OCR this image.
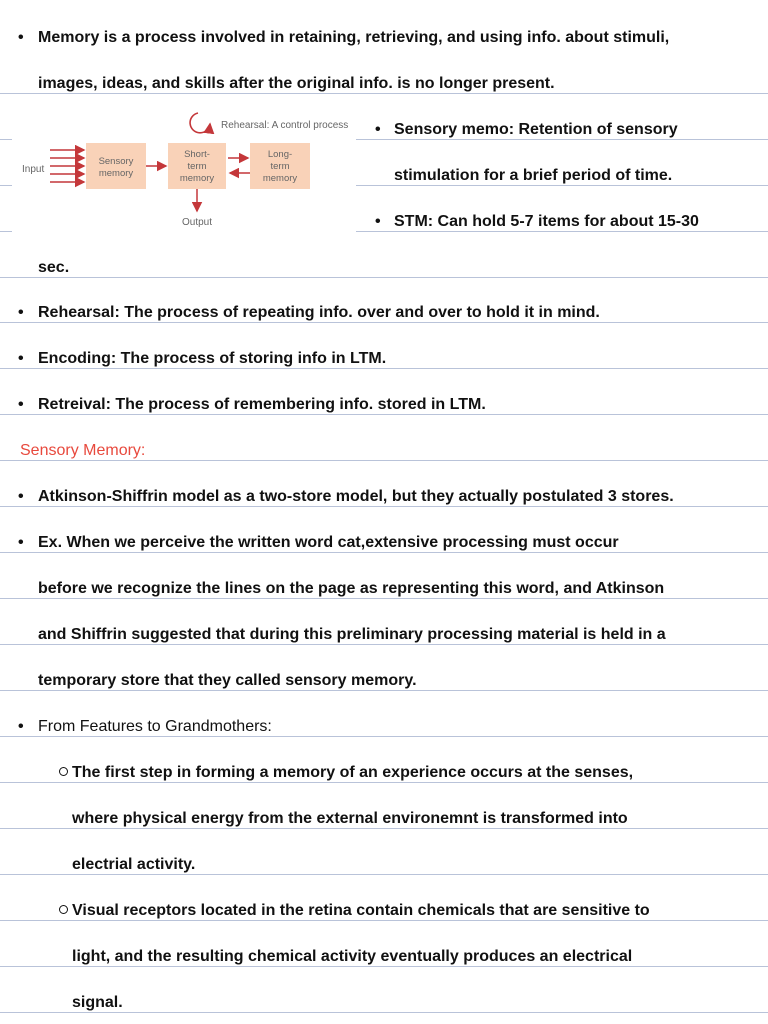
• Memory is a process involved in retaining, retrieving, and using info. about stimuli,
images, ideas, and skills after the original info. is no longer present.
• Sensory memo: Retention of sensory
stimulation for a brief period of time.
• STM: Can hold 5-7 items for about 15-30
sec.
• Rehearsal: The process of repeating info. over and over to hold it in mind.
• Encoding: The process of storing info in LTM.
• Retreival: The process of remembering info. stored in LTM.
Sensory Memory:
• Atkinson-Shiffrin model as a two-store model, but they actually postulated 3 stores.
• Ex. When we perceive the written word cat,extensive processing must occur
before we recognize the lines on the page as representing this word, and Atkinson
and Shiffrin suggested that during this preliminary processing material is held in a
temporary store that they called sensory memory.
• From Features to Grandmothers:
The first step in forming a memory of an experience occurs at the senses,
where physical energy from the external environemnt is transformed into
electrial activity.
Visual receptors located in the retina contain chemicals that are sensitive to
light, and the resulting chemical activity eventually produces an electrical
signal.
Rehearsal: A control process
Input
Sensory
memory
Short-
term
memory
Long-
term
memory
Output
